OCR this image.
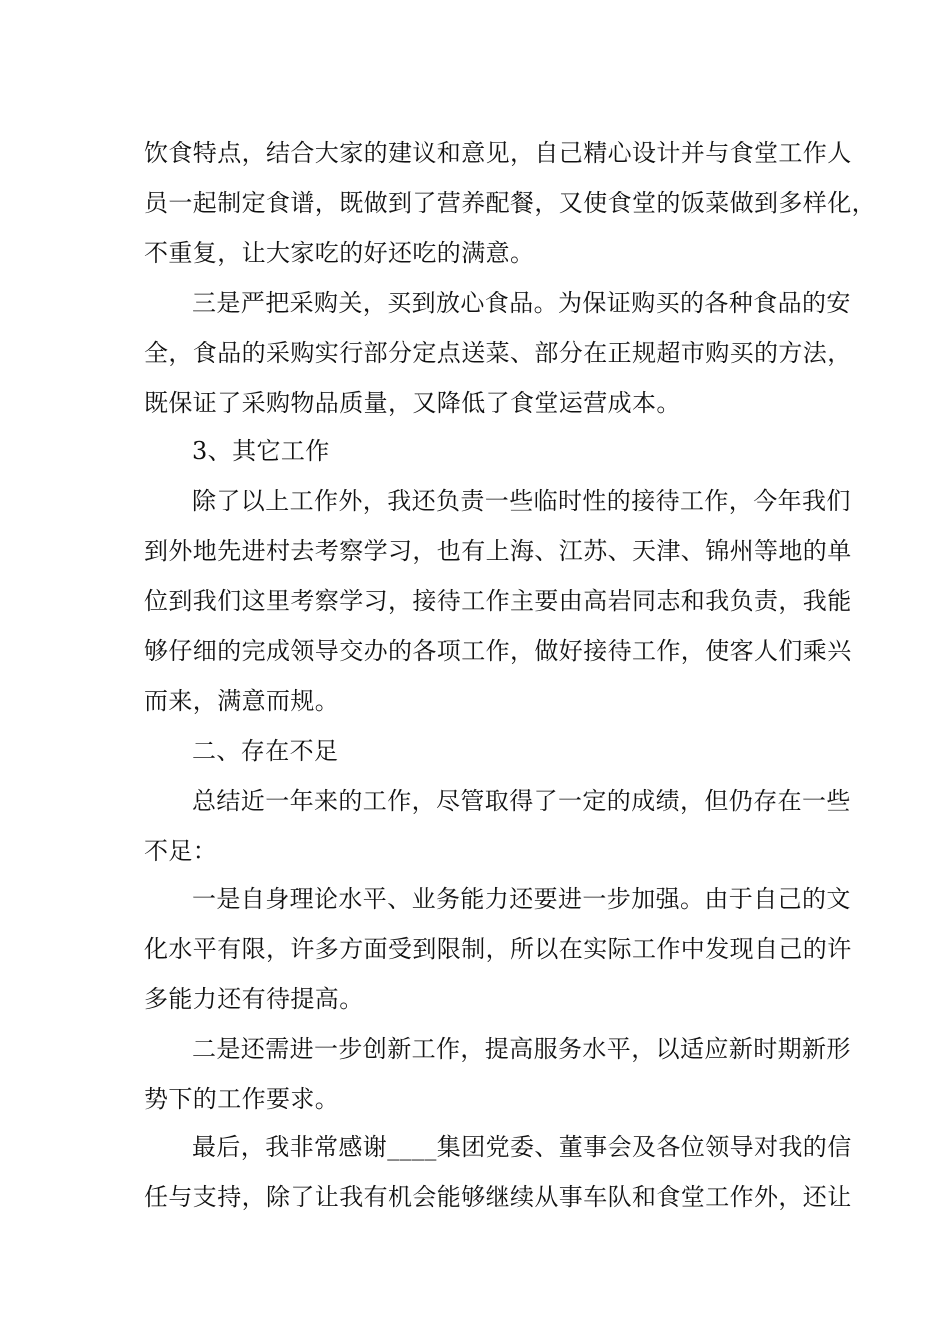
饮食特点，结合大家的建议和意见，自己精心设计并与食堂工作人
员一起制定食谱，既做到了营养配餐，又使食堂的饭菜做到多样化，
不重复，让大家吃的好还吃的满意。
三是严把采购关，买到放心食品。为保证购买的各种食品的安
全，食品的采购实行部分定点送菜、部分在正规超市购买的方法，
既保证了采购物品质量，又降低了食堂运营成本。
3、其它工作
除了以上工作外，我还负责一些临时性的接待工作，今年我们
到外地先进村去考察学习，也有上海、江苏、天津、锦州等地的单
位到我们这里考察学习，接待工作主要由高岩同志和我负责，我能
够仔细的完成领导交办的各项工作，做好接待工作，使客人们乘兴
而来，满意而规。
二、存在不足
总结近一年来的工作，尽管取得了一定的成绩，但仍存在一些
不足：
一是自身理论水平、业务能力还要进一步加强。由于自己的文
化水平有限，许多方面受到限制，所以在实际工作中发现自己的许
多能力还有待提高。
二是还需进一步创新工作，提高服务水平，以适应新时期新形
势下的工作要求。
最后，我非常感谢____集团党委、董事会及各位领导对我的信
任与支持，除了让我有机会能够继续从事车队和食堂工作外，还让
